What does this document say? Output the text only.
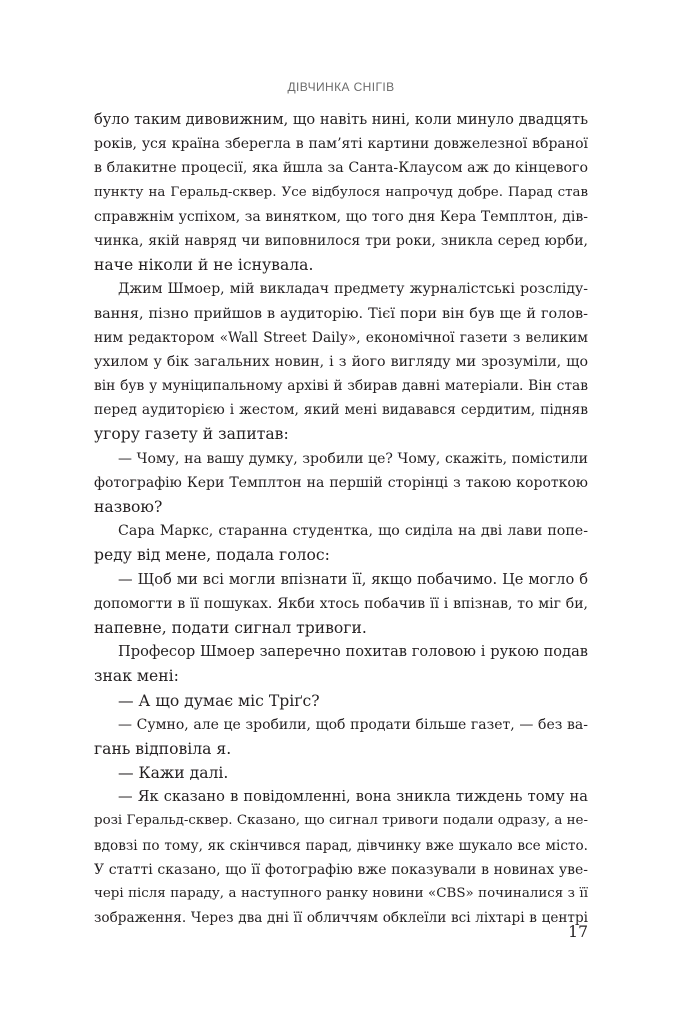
ДІВЧИНКА СНІГІВ
було таким дивовижним, що навіть нині, коли минуло двадцять
років, уся країна зберегла в пам’яті картини довжелезної вбраної
в блакитне процесії, яка йшла за Санта-Клаусом аж до кінцевого
пункту на Геральд-сквер. Усе відбулося напрочуд добре. Парад став
справжнім успіхом, за винятком, що того дня Кера Темплтон, дів-
чинка, якій навряд чи виповнилося три роки, зникла серед юрби,
наче ніколи й не існувала.
Джим Шмоер, мій викладач предмету журналістські розсліду-
вання, пізно прийшов в аудиторію. Тієї пори він був ще й голов-
ним редактором «Wall Street Daily», економічної газети з великим
ухилом у бік загальних новин, і з його вигляду ми зрозуміли, що
він був у муніципальному архіві й збирав давні матеріали. Він став
перед аудиторією і жестом, який мені видавався сердитим, підняв
угору газету й запитав:
— Чому, на вашу думку, зробили це? Чому, скажіть, помістили
фотографію Кери Темплтон на першій сторінці з такою короткою
назвою?
Сара Маркс, старанна студентка, що сиділа на дві лави попе-
реду від мене, подала голос:
— Щоб ми всі могли впізнати її, якщо побачимо. Це могло б
допомогти в її пошуках. Якби хтось побачив її і впізнав, то міг би,
напевне, подати сигнал тривоги.
Професор Шмоер заперечно похитав головою і рукою подав
знак мені:
— А що думає міс Тріґс?
— Сумно, але це зробили, щоб продати більше газет, — без ва-
гань відповіла я.
— Кажи далі.
— Як сказано в повідомленні, вона зникла тиждень тому на
розі Геральд-сквер. Сказано, що сигнал тривоги подали одразу, а не-
вдовзі по тому, як скінчився парад, дівчинку вже шукало все місто.
У статті сказано, що її фотографію вже показували в новинах уве-
чері після параду, а наступного ранку новини «CBS» починалися з її
зображення. Через два дні її обличчям обклеїли всі ліхтарі в центрі
17
